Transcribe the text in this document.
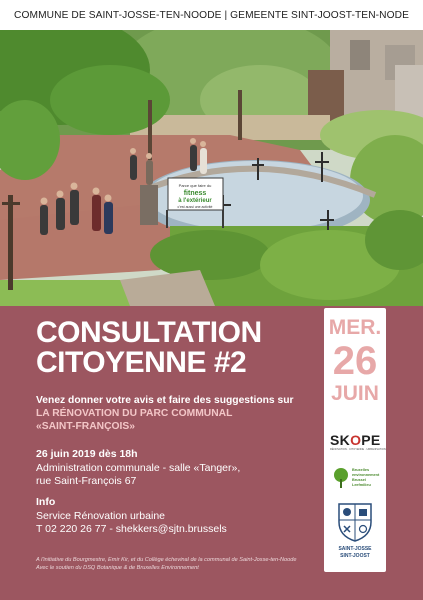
COMMUNE DE SAINT-JOSSE-TEN-NOODE | GEMEENTE SINT-JOOST-TEN-NODE
Parce que faire du
fitness
à l'extérieur
c'est aussi une activité
CONSULTATION
CITOYENNE #2
Venez donner votre avis et faire des suggestions sur
LA RÉNOVATION DU PARC COMMUNAL
«SAINT-FRANÇOIS»
26 juin 2019 dès 18h
Administration communale - salle «Tanger»,
rue Saint-François 67
Info
Service Rénovation urbaine
T 02 220 26 77 - shekkers@sjtn.brussels
A l'initiative du Bourgmestre, Emir Kir, et du Collège échevinal de la communal de Saint-Josse-ten-Noode
Avec le soutien du DSQ Botanique & de Bruxelles Environnement
MER.
26
JUIN
SKOPE
RÉNOVATION · CITOYENNE · URBANISATION
Bruxelles environnement Brussel Leefmilieu
SAINT-JOSSE
SINT-JOOST
